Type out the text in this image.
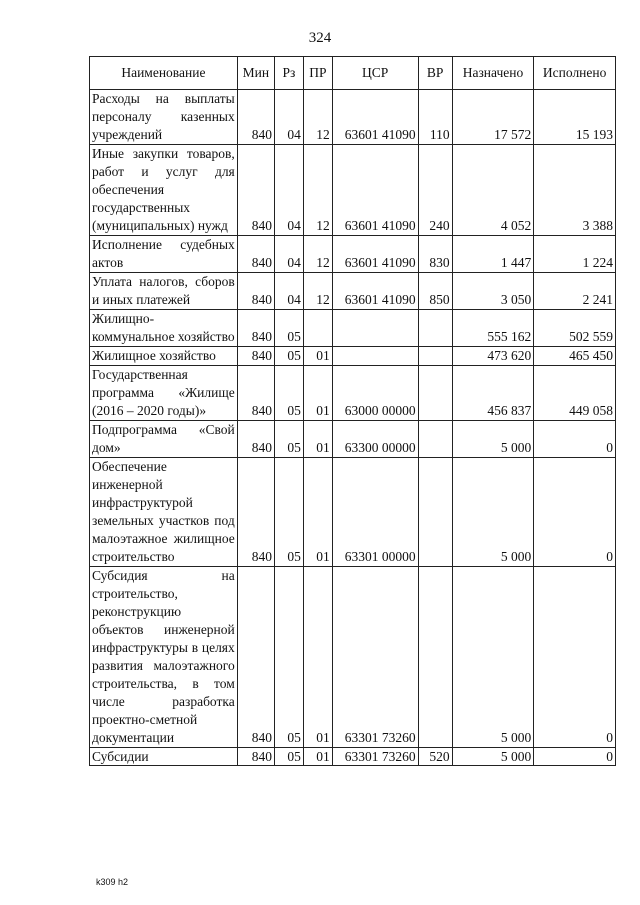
324
Наименование	Мин	Рз	ПР	ЦСР	ВР	Назначено	Исполнено
Расходы на выплаты персоналу казенных учреждений	840	04	12	63601 41090	110	17 572	15 193
Иные закупки товаров, работ и услуг для обеспечения государственных (муниципальных) нужд	840	04	12	63601 41090	240	4 052	3 388
Исполнение судебных актов	840	04	12	63601 41090	830	1 447	1 224
Уплата налогов, сборов и иных платежей	840	04	12	63601 41090	850	3 050	2 241
Жилищно-коммунальное хозяйство	840	05				555 162	502 559
Жилищное хозяйство	840	05	01			473 620	465 450
Государственная программа «Жилище (2016 – 2020 годы)»	840	05	01	63000 00000		456 837	449 058
Подпрограмма «Свой дом»	840	05	01	63300 00000		5 000	0
Обеспечение инженерной инфраструктурой земельных участков под малоэтажное жилищное строительство	840	05	01	63301 00000		5 000	0
Субсидия на строительство, реконструкцию объектов инженерной инфраструктуры в целях развития малоэтажного строительства, в том числе разработка проектно-сметной документации	840	05	01	63301 73260		5 000	0
Субсидии	840	05	01	63301 73260	520	5 000	0
k309 h2
